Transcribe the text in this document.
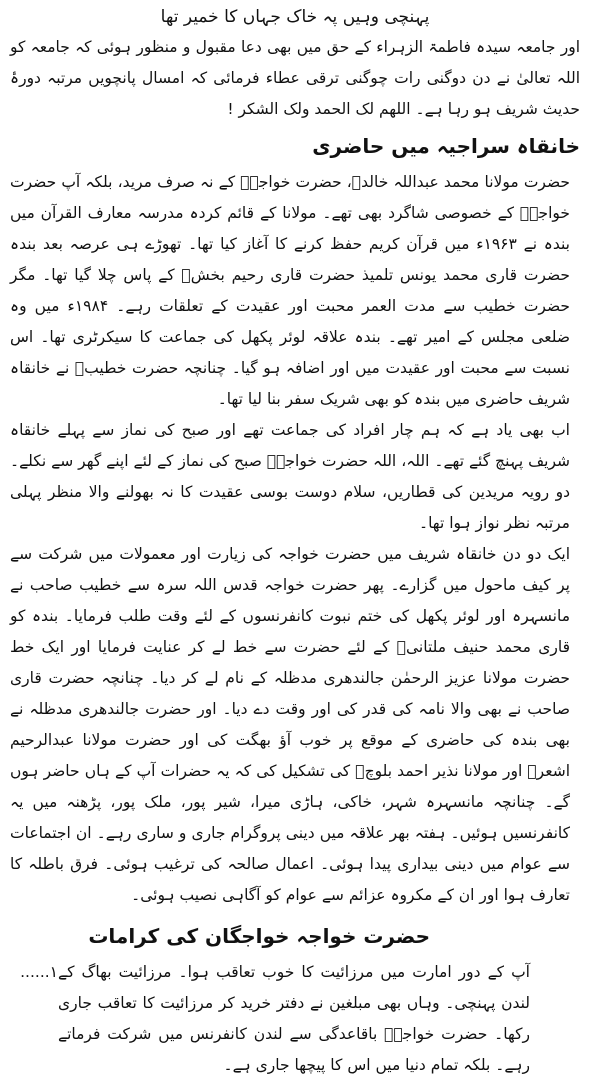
پہنچی وہیں پہ خاک جہاں کا خمیر تھا

اور جامعہ سیدہ فاطمۃ الزہراء کے حق میں بھی دعا مقبول و منظور ہوئی کہ جامعہ کو اللہ تعالیٰ نے دن دوگنی رات چوگنی ترقی عطاء فرمائی کہ امسال پانچویں مرتبہ دورۂ حدیث شریف ہو رہا ہے۔ اللھم لک الحمد ولک الشکر !

خانقاہ سراجیہ میں حاضری

حضرت مولانا محمد عبداللہ خالدؒ، حضرت خواجہؒ کے نہ صرف مرید، بلکہ آپ حضرت خواجہؒ کے خصوصی شاگرد بھی تھے۔ مولانا کے قائم کردہ مدرسہ معارف القرآن میں بندہ نے ۱۹۶۳ء میں قرآن کریم حفظ کرنے کا آغاز کیا تھا۔ تھوڑے ہی عرصہ بعد بندہ حضرت قاری محمد یونس تلمیذ حضرت قاری رحیم بخشؒ کے پاس چلا گیا تھا۔ مگر حضرت خطیب سے مدت العمر محبت اور عقیدت کے تعلقات رہے۔ ۱۹۸۴ء میں وہ ضلعی مجلس کے امیر تھے۔ بندہ علاقہ لوئر پکھل کی جماعت کا سیکرٹری تھا۔ اس نسبت سے محبت اور عقیدت میں اور اضافہ ہو گیا۔ چنانچہ حضرت خطیبؒ نے خانقاہ شریف حاضری میں بندہ کو بھی شریک سفر بنا لیا تھا۔

اب بھی یاد ہے کہ ہم چار افراد کی جماعت تھے اور صبح کی نماز سے پہلے خانقاہ شریف پہنچ گئے تھے۔ اللہ، اللہ حضرت خواجہؒ صبح کی نماز کے لئے اپنے گھر سے نکلے۔ دو رویہ مریدین کی قطاریں، سلام دوست بوسی عقیدت کا نہ بھولنے والا منظر پہلی مرتبہ نظر نواز ہوا تھا۔

ایک دو دن خانقاہ شریف میں حضرت خواجہ کی زیارت اور معمولات میں شرکت سے پر کیف ماحول میں گزارے۔ پھر حضرت خواجہ قدس اللہ سرہ سے خطیب صاحب نے مانسہرہ اور لوئر پکھل کی ختم نبوت کانفرنسوں کے لئے وقت طلب فرمایا۔ بندہ کو قاری محمد حنیف ملتانیؒ کے لئے حضرت سے خط لے کر عنایت فرمایا اور ایک خط حضرت مولانا عزیز الرحمٰن جالندھری مدظلہ کے نام لے کر دیا۔ چنانچہ حضرت قاری صاحب نے بھی والا نامہ کی قدر کی اور وقت دے دیا۔ اور حضرت جالندھری مدظلہ نے بھی بندہ کی حاضری کے موقع پر خوب آؤ بھگت کی اور حضرت مولانا عبدالرحیم اشعرؒ اور مولانا نذیر احمد بلوچؒ کی تشکیل کی کہ یہ حضرات آپ کے ہاں حاضر ہوں گے۔ چنانچہ مانسہرہ شہر، خاکی، ہاڑی میرا، شیر پور، ملک پور، پڑھنہ میں یہ کانفرنسیں ہوئیں۔ ہفتہ بھر علاقہ میں دینی پروگرام جاری و ساری رہے۔ ان اجتماعات سے عوام میں دینی بیداری پیدا ہوئی۔ اعمال صالحہ کی ترغیب ہوئی۔ فرق باطلہ کا تعارف ہوا اور ان کے مکروہ عزائم سے عوام کو آگاہی نصیب ہوئی۔

حضرت خواجہ خواجگان کی کرامات
آپ کے دور امارت میں مرزائیت کا خوب تعاقب ہوا۔ مرزائیت بھاگ کے لندن پہنچی۔ وہاں بھی مبلغین نے دفتر خرید کر مرزائیت کا تعاقب جاری رکھا۔ حضرت خواجہؒ باقاعدگی سے لندن کانفرنس میں شرکت فرماتے رہے۔ بلکہ تمام دنیا میں اس کا پیچھا جاری ہے۔
......۱
